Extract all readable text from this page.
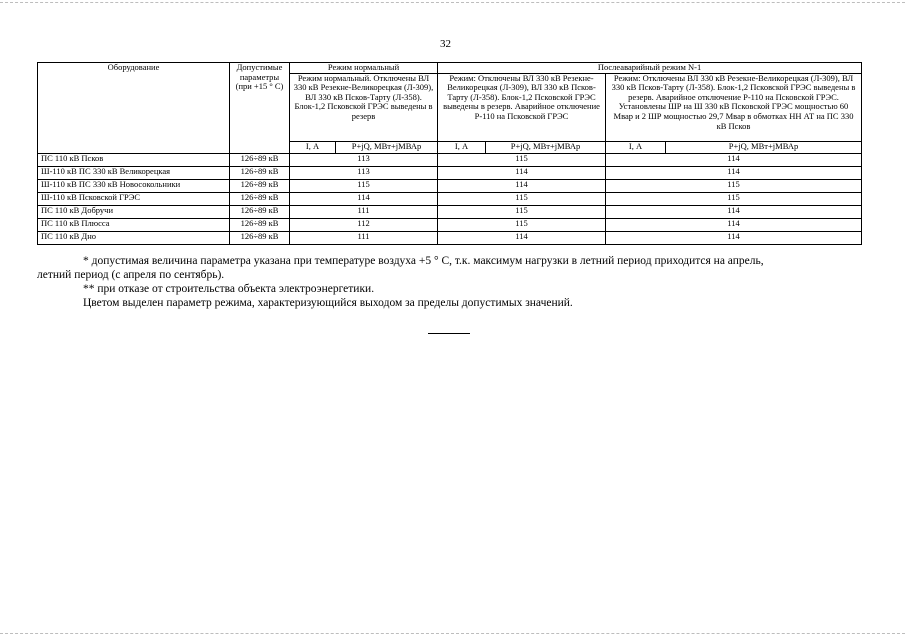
32
Оборудование	Допустимые параметры (при +15 ° С)	Режим нормальный		Послеаварийный режим N-1			
		Режим нормальный. Отключены ВЛ 330 кВ Резекне-Великорецкая (Л-309), ВЛ 330 кВ Псков-Тарту (Л-358). Блок-1,2 Псковской ГРЭС выведены в резерв		Режим: Отключены ВЛ 330 кВ Резекне-Великорецкая (Л-309), ВЛ 330 кВ Псков-Тарту (Л-358). Блок-1,2 Псковской ГРЭС выведены в резерв. Аварийное отключение Р-110 на Псковской ГРЭС		Режим: Отключены ВЛ 330 кВ Резекне-Великорецкая (Л-309), ВЛ 330 кВ Псков-Тарту (Л-358). Блок-1,2 Псковской ГРЭС выведены в резерв. Аварийное отключение Р-110 на Псковской ГРЭС. Установлены ШР на Ш 330 кВ Псковской ГРЭС мощностью 60 Мвар и 2 ШР мощностью 29,7 Мвар в обмотках НН АТ на ПС 330 кВ Псков	
		I, А	P+jQ, МВт+jМВАр	I, А	P+jQ, МВт+jМВАр	I, А	P+jQ, МВт+jМВАр
ПС 110 кВ Псков	126÷89 кВ	113		115		114	
Ш-110 кВ ПС 330 кВ Великорецкая	126÷89 кВ	113		114		114	
Ш-110 кВ ПС 330 кВ Новосокольники	126÷89 кВ	115		114		115	
Ш-110 кВ Псковской ГРЭС	126÷89 кВ	114		115		115	
ПС 110 кВ Добручи	126÷89 кВ	111		115		114	
ПС 110 кВ Плюсса	126÷89 кВ	112		115		114	
ПС 110 кВ Дно	126÷89 кВ	111		114		114	

* допустимая величина параметра указана при температуре воздуха +5 ° С, т.к. максимум нагрузки в летний период приходится на апрель,

летний период (с апреля по сентябрь).

** при отказе от строительства объекта электроэнергетики.

Цветом выделен параметр режима, характеризующийся выходом за пределы допустимых значений.
